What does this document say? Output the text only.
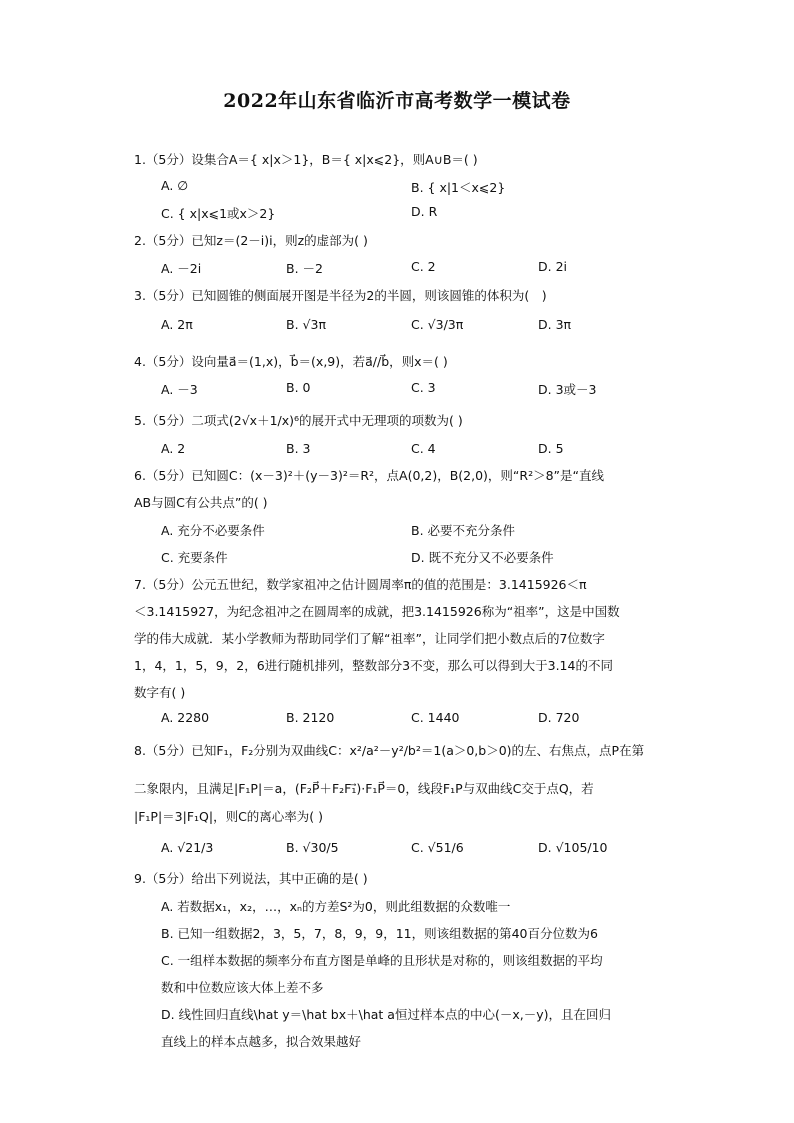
2022年山东省临沂市高考数学一模试卷
1.（5分）设集合A＝{ x|x＞1}，B＝{ x|x⩽2}，则A∪B＝( )
A. ∅	B. { x|1＜x⩽2}
C. { x|x⩽1或x＞2}	D. R
2.（5分）已知z＝(2－i)i，则z的虚部为( )
A. －2i	B. －2	C. 2	D. 2i
3.（5分）已知圆锥的侧面展开图是半径为2的半圆，则该圆锥的体积为(　)
A. 2π	B. √3π	C. √3/3π	D. 3π
4.（5分）设向量a⃗＝(1,x)，b⃗＝(x,9)，若a⃗//b⃗，则x＝( )
A. －3	B. 0	C. 3	D. 3或－3
5.（5分）二项式(2√x＋1/x)⁶的展开式中无理项的项数为( )
A. 2	B. 3	C. 4	D. 5
6.（5分）已知圆C：(x－3)²＋(y－3)²＝R²，点A(0,2)，B(2,0)，则“R²＞8”是“直线
AB与圆C有公共点”的( )
A. 充分不必要条件	B. 必要不充分条件
C. 充要条件	D. 既不充分又不必要条件
7.（5分）公元五世纪，数学家祖冲之估计圆周率π的值的范围是：3.1415926＜π
＜3.1415927，为纪念祖冲之在圆周率的成就，把3.1415926称为“祖率”，这是中国数
学的伟大成就．某小学教师为帮助同学们了解“祖率”，让同学们把小数点后的7位数字
1，4，1，5，9，2，6进行随机排列，整数部分3不变，那么可以得到大于3.14的不同
数字有( )
A. 2280	B. 2120	C. 1440	D. 720
8.（5分）已知F₁，F₂分别为双曲线C：x²/a²－y²/b²＝1(a＞0,b＞0)的左、右焦点，点P在第
二象限内，且满足|F₁P|＝a，(F₂P⃗＋F₂F₁⃗)·F₁P⃗＝0，线段F₁P与双曲线C交于点Q，若
|F₁P|＝3|F₁Q|，则C的离心率为( )
A. √21/3	B. √30/5	C. √51/6	D. √105/10
9.（5分）给出下列说法，其中正确的是( )
A. 若数据x₁，x₂，…，xₙ的方差S²为0，则此组数据的众数唯一
B. 已知一组数据2，3，5，7，8，9，9，11，则该组数据的第40百分位数为6
C. 一组样本数据的频率分布直方图是单峰的且形状是对称的，则该组数据的平均
数和中位数应该大体上差不多
D. 线性回归直线\hat y＝\hat bx＋\hat a恒过样本点的中心(－x,－y)，且在回归
直线上的样本点越多，拟合效果越好
